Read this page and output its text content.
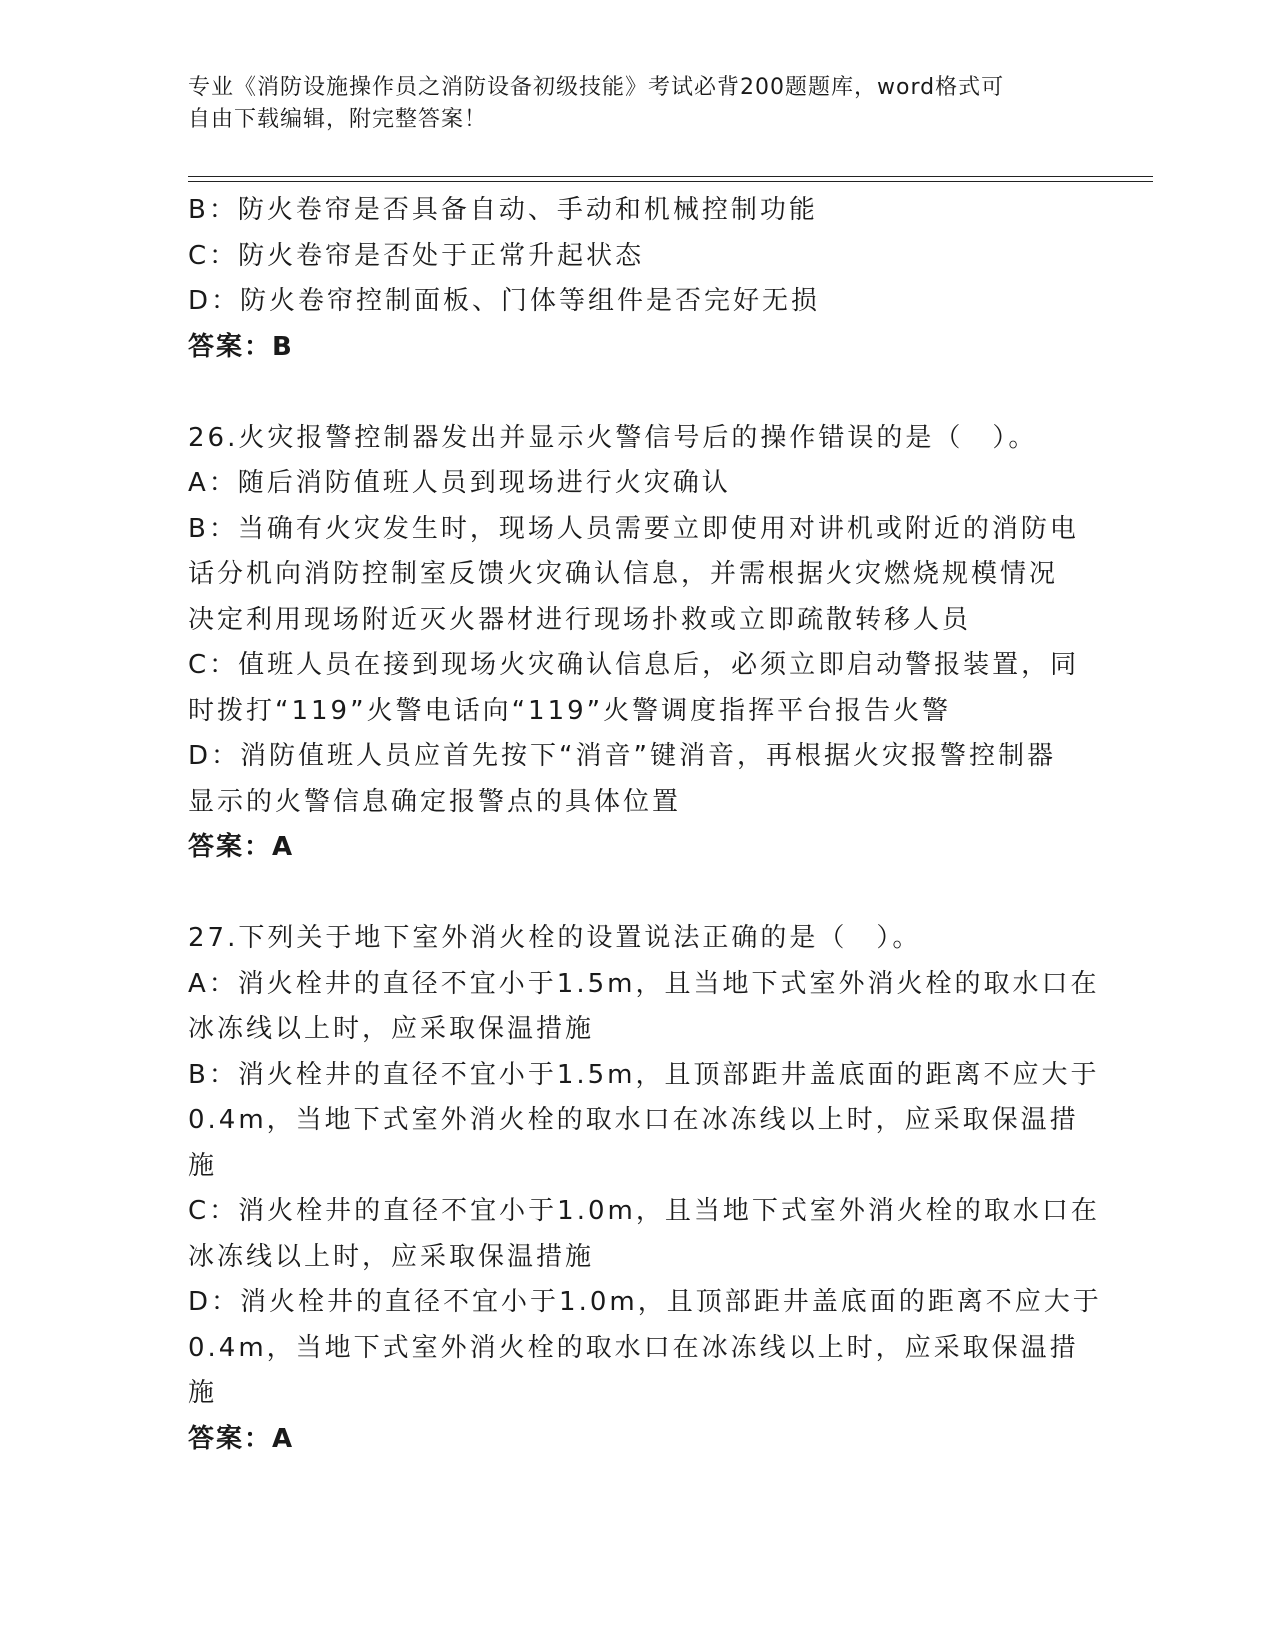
专业《消防设施操作员之消防设备初级技能》考试必背200题题库，word格式可
自由下载编辑，附完整答案！
B：防火卷帘是否具备自动、手动和机械控制功能
C：防火卷帘是否处于正常升起状态
D：防火卷帘控制面板、门体等组件是否完好无损
答案：B
26.火灾报警控制器发出并显示火警信号后的操作错误的是（　）。
A：随后消防值班人员到现场进行火灾确认
B：当确有火灾发生时，现场人员需要立即使用对讲机或附近的消防电
话分机向消防控制室反馈火灾确认信息，并需根据火灾燃烧规模情况
决定利用现场附近灭火器材进行现场扑救或立即疏散转移人员
C：值班人员在接到现场火灾确认信息后，必须立即启动警报装置，同
时拨打“119”火警电话向“119”火警调度指挥平台报告火警
D：消防值班人员应首先按下“消音”键消音，再根据火灾报警控制器
显示的火警信息确定报警点的具体位置
答案：A
27.下列关于地下室外消火栓的设置说法正确的是（　）。
A：消火栓井的直径不宜小于1.5m，且当地下式室外消火栓的取水口在
冰冻线以上时，应采取保温措施
B：消火栓井的直径不宜小于1.5m，且顶部距井盖底面的距离不应大于
0.4m，当地下式室外消火栓的取水口在冰冻线以上时，应采取保温措
施
C：消火栓井的直径不宜小于1.0m，且当地下式室外消火栓的取水口在
冰冻线以上时，应采取保温措施
D：消火栓井的直径不宜小于1.0m，且顶部距井盖底面的距离不应大于
0.4m，当地下式室外消火栓的取水口在冰冻线以上时，应采取保温措
施
答案：A
